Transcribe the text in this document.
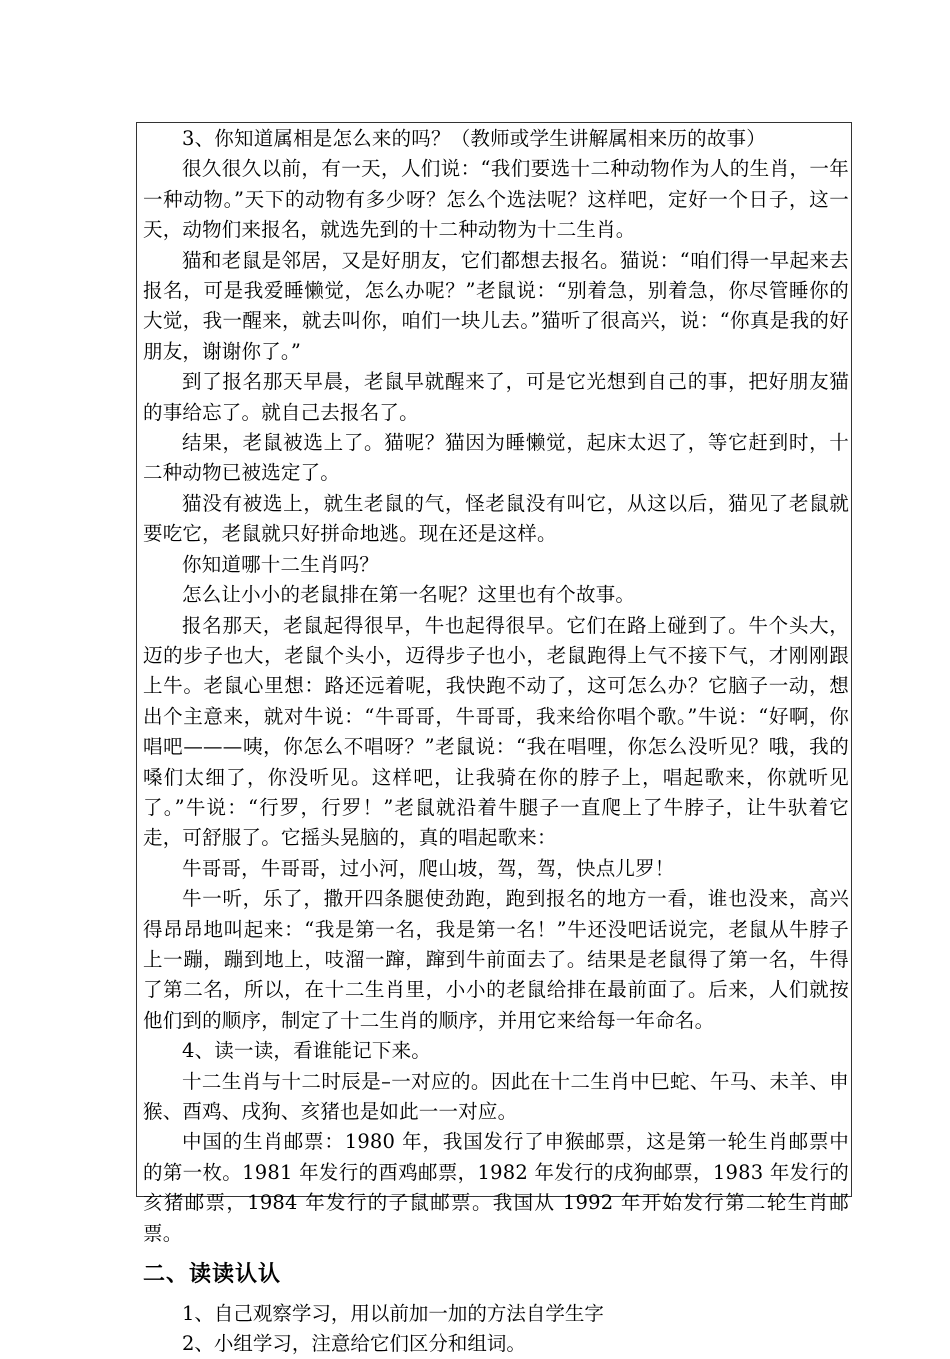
3、你知道属相是怎么来的吗？（教师或学生讲解属相来历的故事）

很久很久以前，有一天，人们说：“我们要选十二种动物作为人的生肖，一年一种动物。”天下的动物有多少呀？怎么个选法呢？这样吧，定好一个日子，这一天，动物们来报名，就选先到的十二种动物为十二生肖。

猫和老鼠是邻居，又是好朋友，它们都想去报名。猫说：“咱们得一早起来去报名，可是我爱睡懒觉，怎么办呢？”老鼠说：“别着急，别着急，你尽管睡你的大觉，我一醒来，就去叫你，咱们一块儿去。”猫听了很高兴，说：“你真是我的好朋友，谢谢你了。”

到了报名那天早晨，老鼠早就醒来了，可是它光想到自己的事，把好朋友猫的事给忘了。就自己去报名了。

结果，老鼠被选上了。猫呢？猫因为睡懒觉，起床太迟了，等它赶到时，十二种动物已被选定了。

猫没有被选上，就生老鼠的气，怪老鼠没有叫它，从这以后，猫见了老鼠就要吃它，老鼠就只好拼命地逃。现在还是这样。

你知道哪十二生肖吗？

怎么让小小的老鼠排在第一名呢？这里也有个故事。

报名那天，老鼠起得很早，牛也起得很早。它们在路上碰到了。牛个头大，迈的步子也大，老鼠个头小，迈得步子也小，老鼠跑得上气不接下气，才刚刚跟上牛。老鼠心里想：路还远着呢，我快跑不动了，这可怎么办？它脑子一动，想出个主意来，就对牛说：“牛哥哥，牛哥哥，我来给你唱个歌。”牛说：“好啊，你唱吧———咦，你怎么不唱呀？”老鼠说：“我在唱哩，你怎么没听见？哦，我的嗓们太细了，你没听见。这样吧，让我骑在你的脖子上，唱起歌来，你就听见了。”牛说：“行罗，行罗！”老鼠就沿着牛腿子一直爬上了牛脖子，让牛驮着它走，可舒服了。它摇头晃脑的，真的唱起歌来：

牛哥哥，牛哥哥，过小河，爬山坡，驾，驾，快点儿罗！

牛一听，乐了，撒开四条腿使劲跑，跑到报名的地方一看，谁也没来，高兴得昂昂地叫起来：“我是第一名，我是第一名！”牛还没吧话说完，老鼠从牛脖子上一蹦，蹦到地上，吱溜一蹿，蹿到牛前面去了。结果是老鼠得了第一名，牛得了第二名，所以，在十二生肖里，小小的老鼠给排在最前面了。后来，人们就按他们到的顺序，制定了十二生肖的顺序，并用它来给每一年命名。

4、读一读，看谁能记下来。

十二生肖与十二时辰是–一对应的。因此在十二生肖中巳蛇、午马、未羊、申猴、酉鸡、戌狗、亥猪也是如此一一对应。

中国的生肖邮票：1980 年，我国发行了申猴邮票，这是第一轮生肖邮票中的第一枚。1981 年发行的酉鸡邮票，1982 年发行的戌狗邮票，1983 年发行的亥猪邮票，1984 年发行的子鼠邮票。我国从 1992 年开始发行第二轮生肖邮票。

二、读读认认

1、自己观察学习，用以前加一加的方法自学生字

2、小组学习，注意给它们区分和组词。
